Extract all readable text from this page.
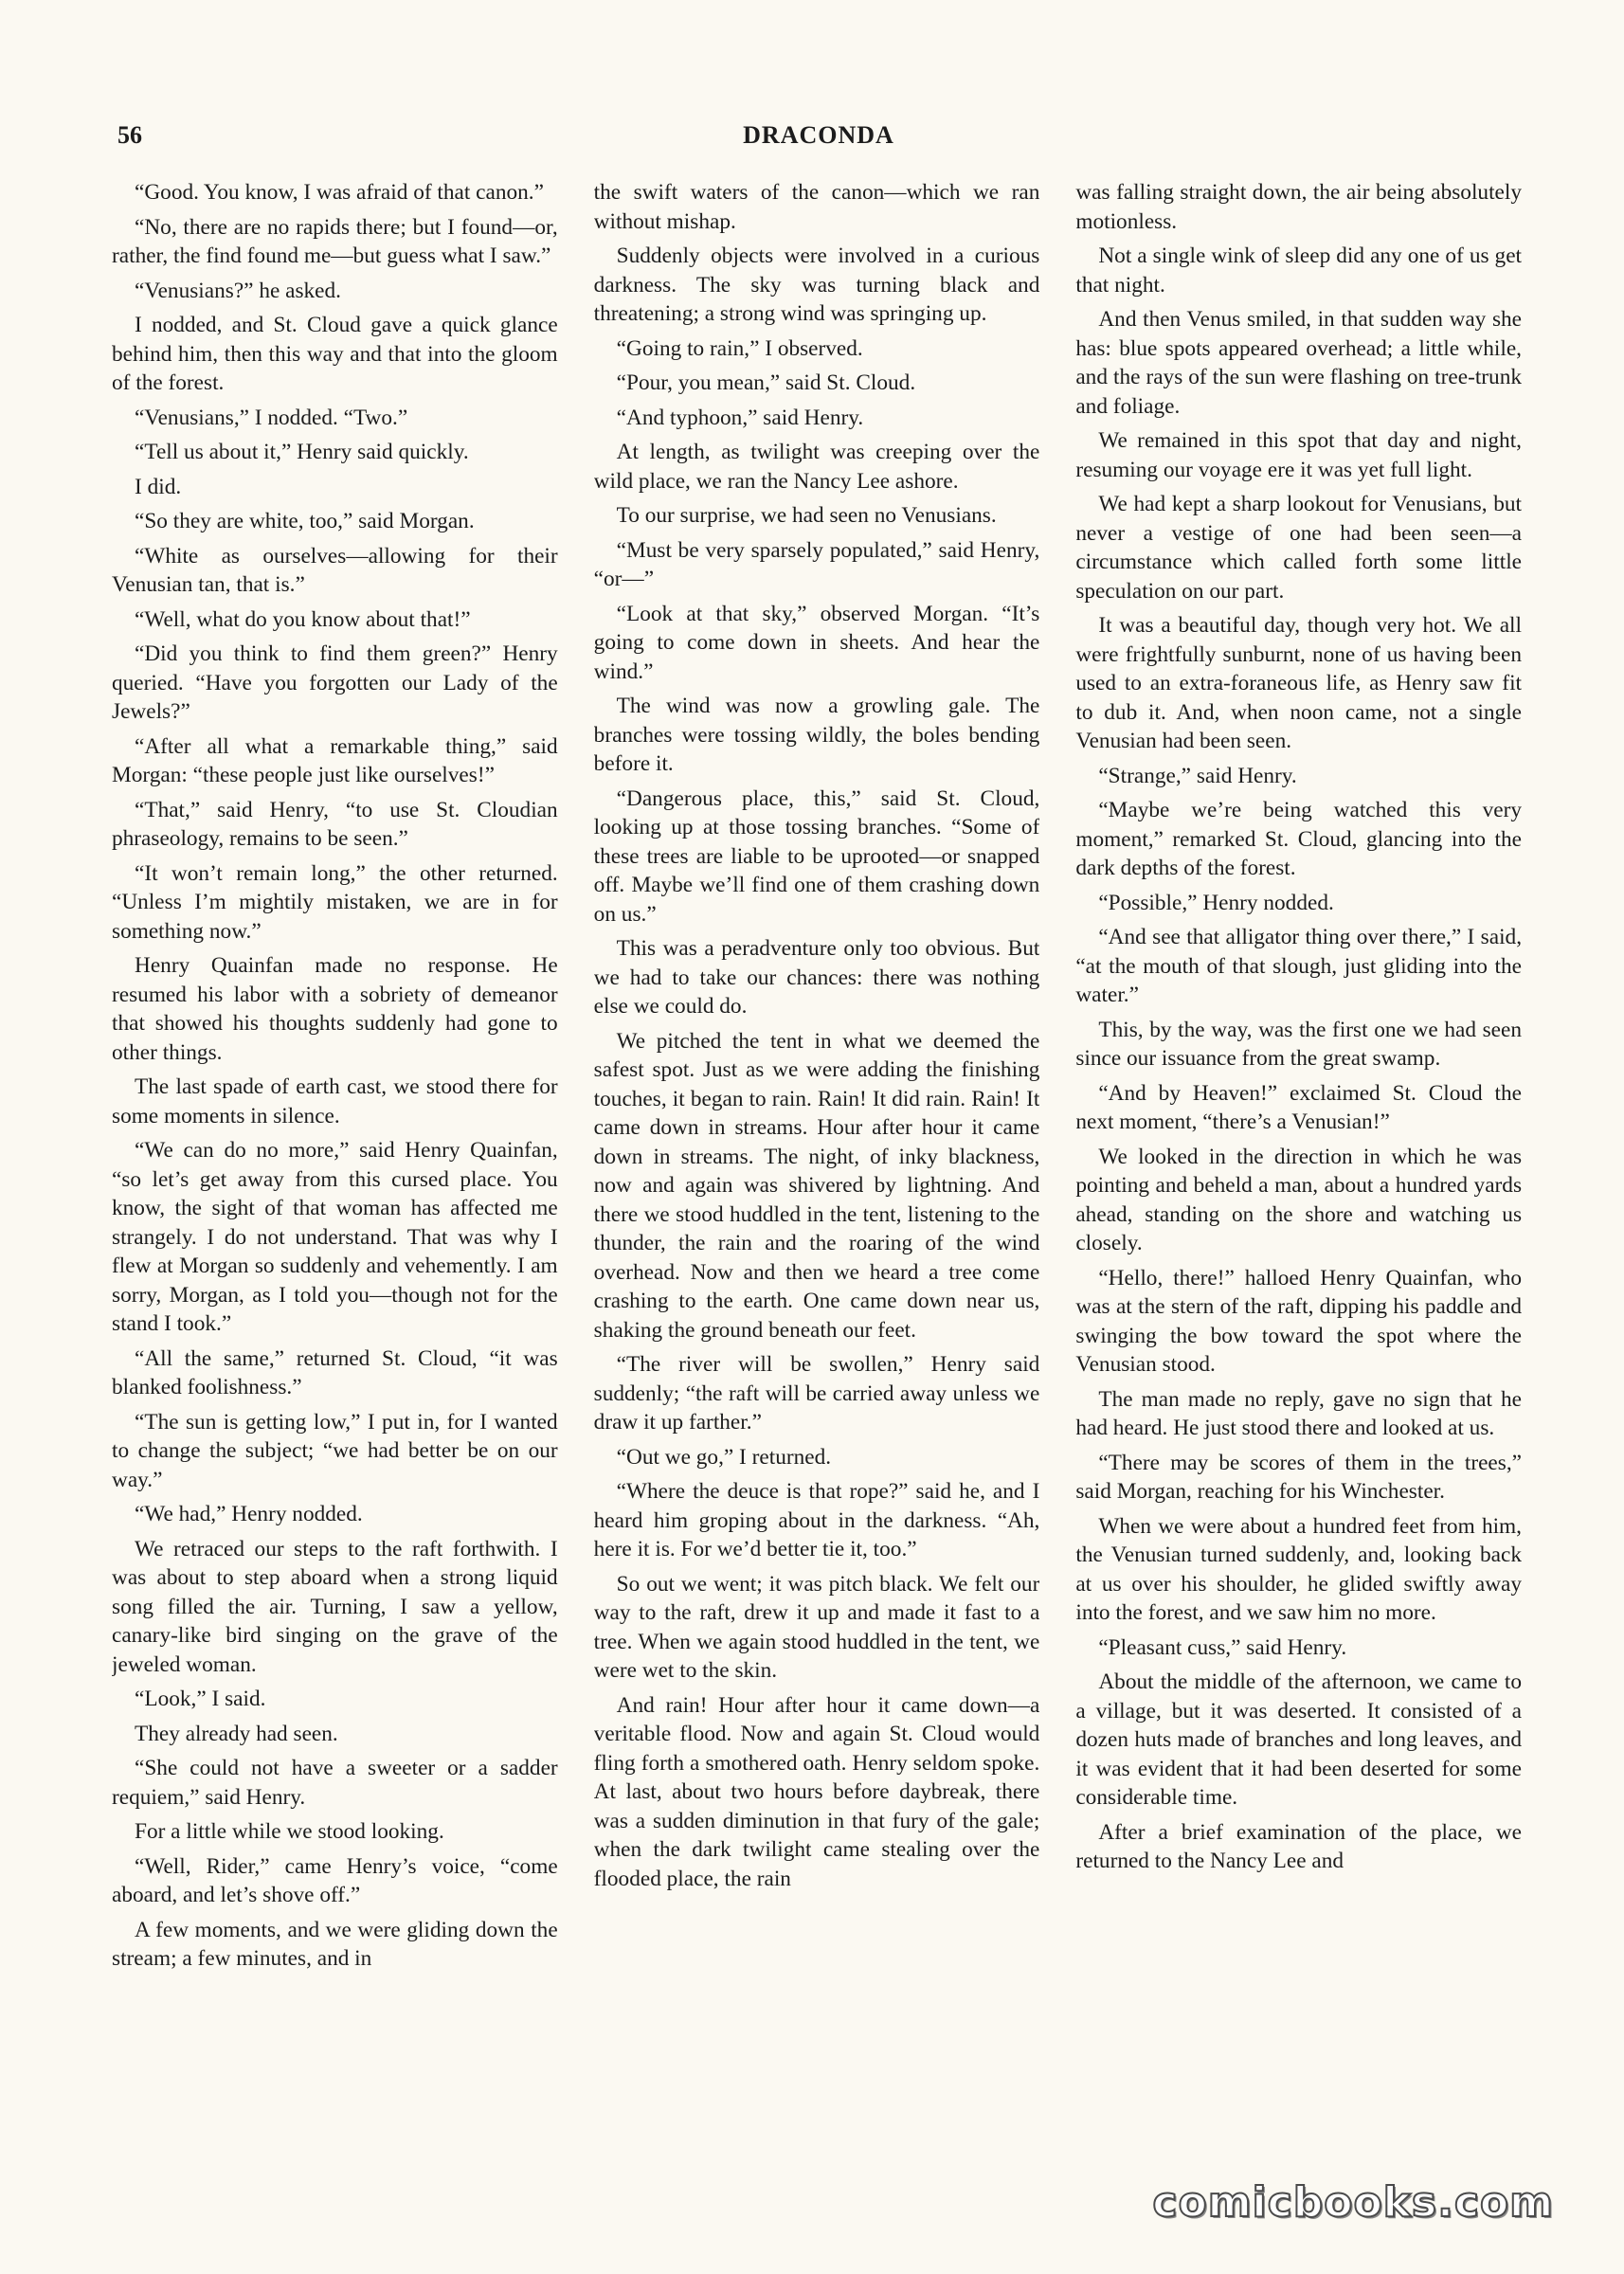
56	DRACONDA

“Good. You know, I was afraid of that canon.”

“No, there are no rapids there; but I found—or, rather, the find found me—but guess what I saw.”

“Venusians?” he asked.

I nodded, and St. Cloud gave a quick glance behind him, then this way and that into the gloom of the forest.

“Venusians,” I nodded. “Two.”

“Tell us about it,” Henry said quickly.

I did.

“So they are white, too,” said Morgan.

“White as ourselves—allowing for their Venusian tan, that is.”

“Well, what do you know about that!”

“Did you think to find them green?” Henry queried. “Have you forgotten our Lady of the Jewels?”

“After all what a remarkable thing,” said Morgan: “these people just like ourselves!”

“That,” said Henry, “to use St. Cloudian phraseology, remains to be seen.”

“It won’t remain long,” the other returned. “Unless I’m mightily mistaken, we are in for something now.”

Henry Quainfan made no response. He resumed his labor with a sobriety of demeanor that showed his thoughts suddenly had gone to other things.

The last spade of earth cast, we stood there for some moments in silence.

“We can do no more,” said Henry Quainfan, “so let’s get away from this cursed place. You know, the sight of that woman has affected me strangely. I do not understand. That was why I flew at Morgan so suddenly and vehemently. I am sorry, Morgan, as I told you—though not for the stand I took.”

“All the same,” returned St. Cloud, “it was blanked foolishness.”

“The sun is getting low,” I put in, for I wanted to change the subject; “we had better be on our way.”

“We had,” Henry nodded.

We retraced our steps to the raft forthwith. I was about to step aboard when a strong liquid song filled the air. Turning, I saw a yellow, canary-like bird singing on the grave of the jeweled woman.

“Look,” I said.

They already had seen.

“She could not have a sweeter or a sadder requiem,” said Henry.

For a little while we stood looking.

“Well, Rider,” came Henry’s voice, “come aboard, and let’s shove off.”

A few moments, and we were gliding down the stream; a few minutes, and in

the swift waters of the canon—which we ran without mishap.

Suddenly objects were involved in a curious darkness. The sky was turning black and threatening; a strong wind was springing up.

“Going to rain,” I observed.

“Pour, you mean,” said St. Cloud.

“And typhoon,” said Henry.

At length, as twilight was creeping over the wild place, we ran the Nancy Lee ashore.

To our surprise, we had seen no Venusians.

“Must be very sparsely populated,” said Henry, “or—”

“Look at that sky,” observed Morgan. “It’s going to come down in sheets. And hear the wind.”

The wind was now a growling gale. The branches were tossing wildly, the boles bending before it.

“Dangerous place, this,” said St. Cloud, looking up at those tossing branches. “Some of these trees are liable to be uprooted—or snapped off. Maybe we’ll find one of them crashing down on us.”

This was a peradventure only too obvious. But we had to take our chances: there was nothing else we could do.

We pitched the tent in what we deemed the safest spot. Just as we were adding the finishing touches, it began to rain. Rain! It did rain. Rain! It came down in streams. Hour after hour it came down in streams. The night, of inky blackness, now and again was shivered by lightning. And there we stood huddled in the tent, listening to the thunder, the rain and the roaring of the wind overhead. Now and then we heard a tree come crashing to the earth. One came down near us, shaking the ground beneath our feet.

“The river will be swollen,” Henry said suddenly; “the raft will be carried away unless we draw it up farther.”

“Out we go,” I returned.

“Where the deuce is that rope?” said he, and I heard him groping about in the darkness. “Ah, here it is. For we’d better tie it, too.”

So out we went; it was pitch black. We felt our way to the raft, drew it up and made it fast to a tree. When we again stood huddled in the tent, we were wet to the skin.

And rain! Hour after hour it came down—a veritable flood. Now and again St. Cloud would fling forth a smothered oath. Henry seldom spoke. At last, about two hours before daybreak, there was a sudden diminution in that fury of the gale; when the dark twilight came stealing over the flooded place, the rain

was falling straight down, the air being absolutely motionless.

Not a single wink of sleep did any one of us get that night.

And then Venus smiled, in that sudden way she has: blue spots appeared overhead; a little while, and the rays of the sun were flashing on tree-trunk and foliage.

We remained in this spot that day and night, resuming our voyage ere it was yet full light.

We had kept a sharp lookout for Venusians, but never a vestige of one had been seen—a circumstance which called forth some little speculation on our part.

It was a beautiful day, though very hot. We all were frightfully sunburnt, none of us having been used to an extra-foraneous life, as Henry saw fit to dub it. And, when noon came, not a single Venusian had been seen.

“Strange,” said Henry.

“Maybe we’re being watched this very moment,” remarked St. Cloud, glancing into the dark depths of the forest.

“Possible,” Henry nodded.

“And see that alligator thing over there,” I said, “at the mouth of that slough, just gliding into the water.”

This, by the way, was the first one we had seen since our issuance from the great swamp.

“And by Heaven!” exclaimed St. Cloud the next moment, “there’s a Venusian!”

We looked in the direction in which he was pointing and beheld a man, about a hundred yards ahead, standing on the shore and watching us closely.

“Hello, there!” halloed Henry Quainfan, who was at the stern of the raft, dipping his paddle and swinging the bow toward the spot where the Venusian stood.

The man made no reply, gave no sign that he had heard. He just stood there and looked at us.

“There may be scores of them in the trees,” said Morgan, reaching for his Winchester.

When we were about a hundred feet from him, the Venusian turned suddenly, and, looking back at us over his shoulder, he glided swiftly away into the forest, and we saw him no more.

“Pleasant cuss,” said Henry.

About the middle of the afternoon, we came to a village, but it was deserted. It consisted of a dozen huts made of branches and long leaves, and it was evident that it had been deserted for some considerable time.

After a brief examination of the place, we returned to the Nancy Lee and

comicbooks.com
